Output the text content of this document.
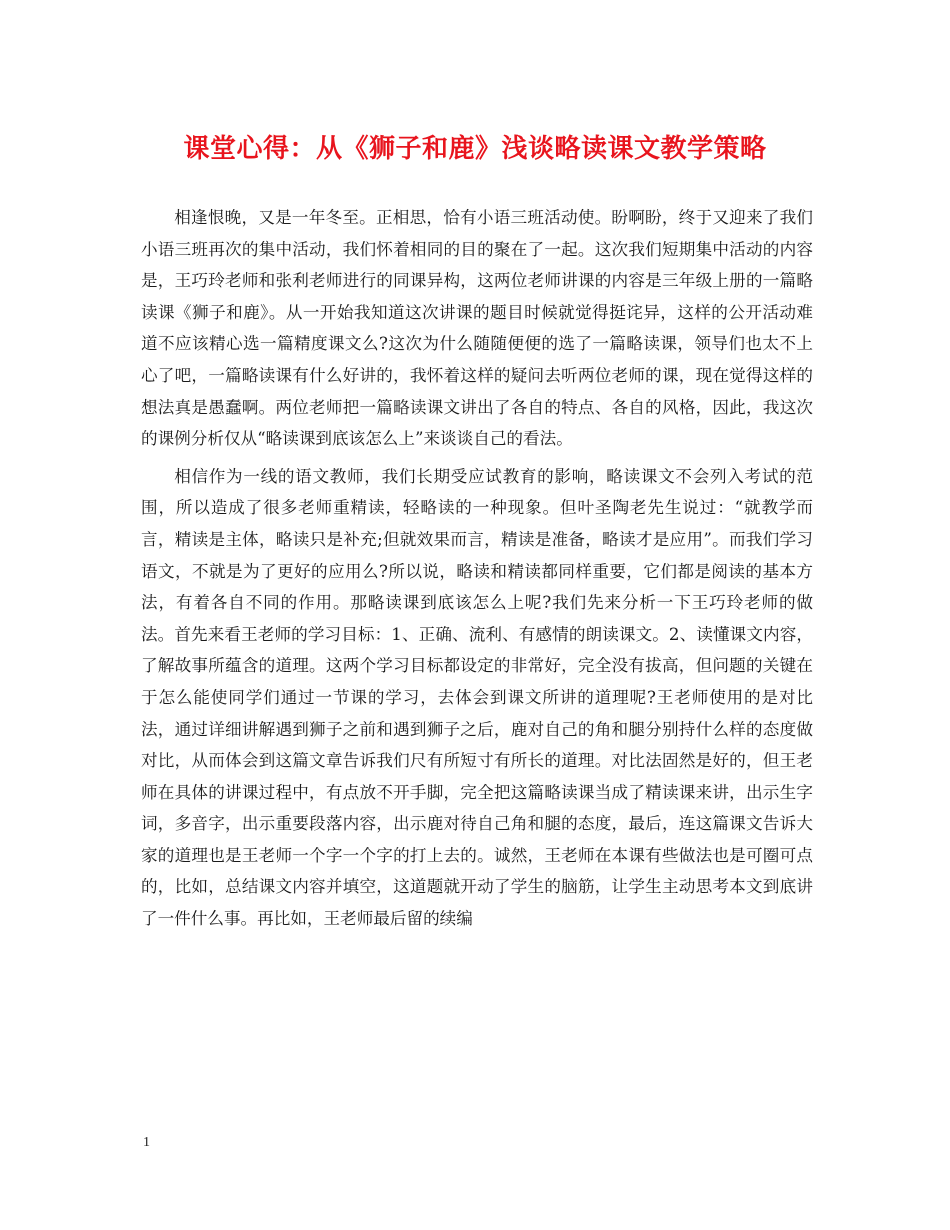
课堂心得：从《狮子和鹿》浅谈略读课文教学策略

相逢恨晚，又是一年冬至。正相思，恰有小语三班活动使。盼啊盼，终于又迎来了我们小语三班再次的集中活动，我们怀着相同的目的聚在了一起。这次我们短期集中活动的内容是，王巧玲老师和张利老师进行的同课异构，这两位老师讲课的内容是三年级上册的一篇略读课《狮子和鹿》。从一开始我知道这次讲课的题目时候就觉得挺诧异，这样的公开活动难道不应该精心选一篇精度课文么?这次为什么随随便便的选了一篇略读课，领导们也太不上心了吧，一篇略读课有什么好讲的，我怀着这样的疑问去听两位老师的课，现在觉得这样的想法真是愚蠢啊。两位老师把一篇略读课文讲出了各自的特点、各自的风格，因此，我这次的课例分析仅从“略读课到底该怎么上”来谈谈自己的看法。

相信作为一线的语文教师，我们长期受应试教育的影响，略读课文不会列入考试的范围，所以造成了很多老师重精读，轻略读的一种现象。但叶圣陶老先生说过：“就教学而言，精读是主体，略读只是补充;但就效果而言，精读是准备，略读才是应用”。而我们学习语文，不就是为了更好的应用么?所以说，略读和精读都同样重要，它们都是阅读的基本方法，有着各自不同的作用。那略读课到底该怎么上呢?我们先来分析一下王巧玲老师的做法。首先来看王老师的学习目标：1、正确、流利、有感情的朗读课文。2、读懂课文内容，了解故事所蕴含的道理。这两个学习目标都设定的非常好，完全没有拔高，但问题的关键在于怎么能使同学们通过一节课的学习，去体会到课文所讲的道理呢?王老师使用的是对比法，通过详细讲解遇到狮子之前和遇到狮子之后，鹿对自己的角和腿分别持什么样的态度做对比，从而体会到这篇文章告诉我们尺有所短寸有所长的道理。对比法固然是好的，但王老师在具体的讲课过程中，有点放不开手脚，完全把这篇略读课当成了精读课来讲，出示生字词，多音字，出示重要段落内容，出示鹿对待自己角和腿的态度，最后，连这篇课文告诉大家的道理也是王老师一个字一个字的打上去的。诚然，王老师在本课有些做法也是可圈可点的，比如，总结课文内容并填空，这道题就开动了学生的脑筋，让学生主动思考本文到底讲了一件什么事。再比如，王老师最后留的续编

1
